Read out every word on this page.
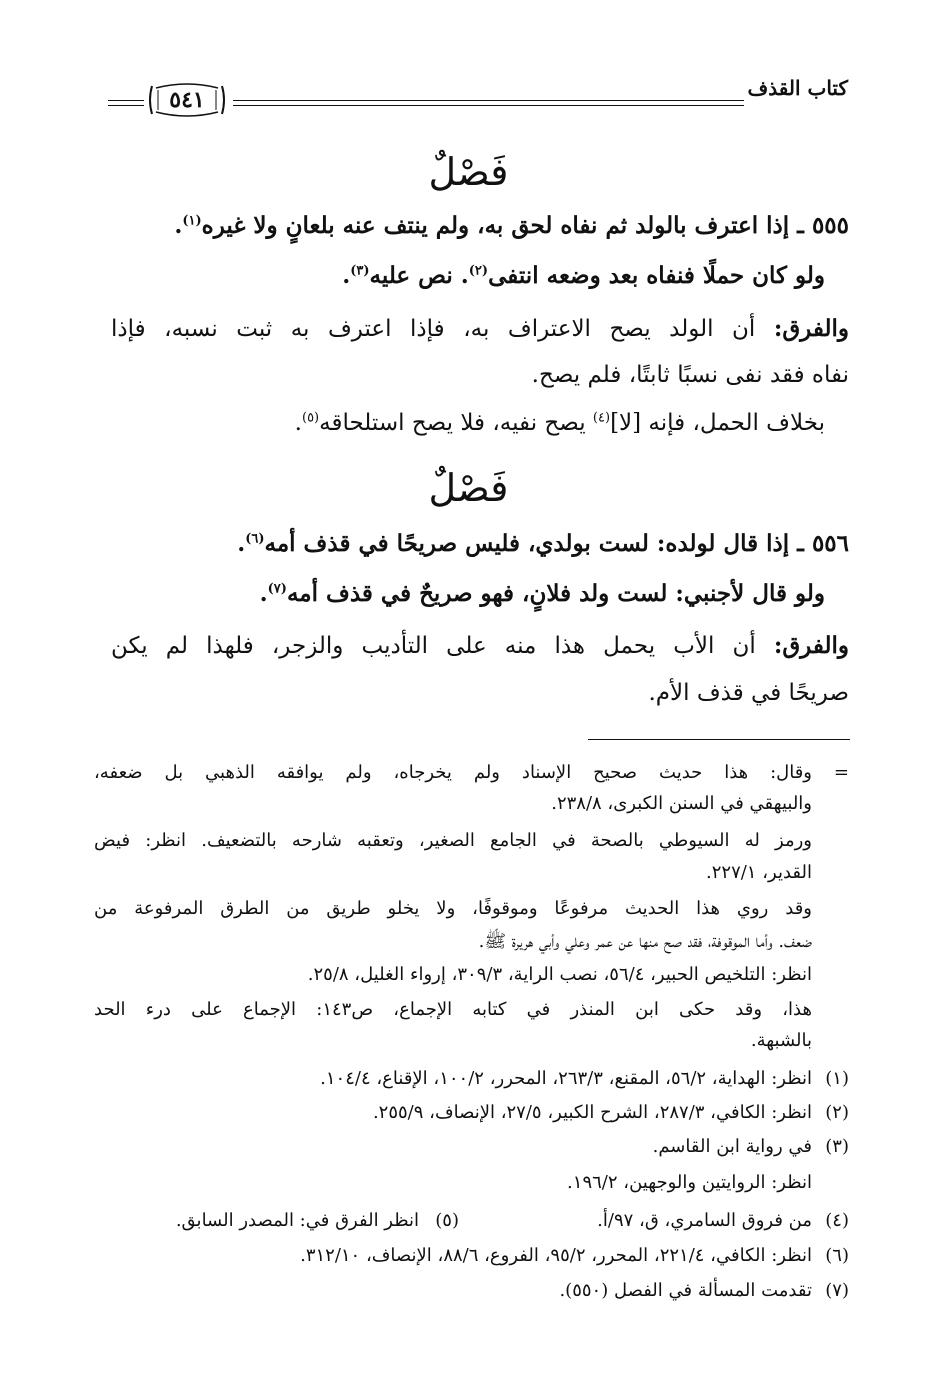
كتاب القذف
٥٤١
فَصْلٌ
٥٥٥ ـ إذا اعترف بالولد ثم نفاه لحق به، ولم ينتف عنه بلعانٍ ولا غيره$^{(١)}$.
ولو كان حملًا فنفاه بعد وضعه انتفى$^{(٢)}$. نص عليه$^{(٣)}$.
والفرق: أن الولد يصح الاعتراف به، فإذا اعترف به ثبت نسبه، فإذا
نفاه فقد نفى نسبًا ثابتًا، فلم يصح.
بخلاف الحمل، فإنه [لا]$^{(٤)}$ يصح نفيه، فلا يصح استلحاقه$^{(٥)}$.
فَصْلٌ
٥٥٦ ـ إذا قال لولده: لست بولدي، فليس صريحًا في قذف أمه$^{(٦)}$.
ولو قال لأجنبي: لست ولد فلانٍ، فهو صريحٌ في قذف أمه$^{(٧)}$.
والفرق: أن الأب يحمل هذا منه على التأديب والزجر، فلهذا لم يكن
صريحًا في قذف الأم.
=
وقال: هذا حديث صحيح الإسناد ولم يخرجاه، ولم يوافقه الذهبي بل ضعفه،
والبيهقي في السنن الكبرى، ٢٣٨/٨.
ورمز له السيوطي بالصحة في الجامع الصغير، وتعقبه شارحه بالتضعيف. انظر: فيض
القدير، ٢٢٧/١.
وقد روي هذا الحديث مرفوعًا وموقوفًا، ولا يخلو طريق من الطرق المرفوعة من
ضعف. وأما الموقوفة، فقد صح منها عن عمر وعلي وأبي هريرة ﷺ.
انظر: التلخيص الحبير، ٥٦/٤، نصب الراية، ٣٠٩/٣، إرواء الغليل، ٢٥/٨.
هذا، وقد حكى ابن المنذر في كتابه الإجماع، ص١٤٣: الإجماع على درء الحد
بالشبهة.
(١)
انظر: الهداية، ٥٦/٢، المقنع، ٢٦٣/٣، المحرر، ١٠٠/٢، الإقناع، ١٠٤/٤.
(٢)
انظر: الكافي، ٢٨٧/٣، الشرح الكبير، ٢٧/٥، الإنصاف، ٢٥٥/٩.
(٣)
في رواية ابن القاسم.
انظر: الروايتين والوجهين، ١٩٦/٢.
(٤)
من فروق السامري، ق، ٩٧/أ.
(٥)
انظر الفرق في: المصدر السابق.
(٦)
انظر: الكافي، ٢٢١/٤، المحرر، ٩٥/٢، الفروع، ٨٨/٦، الإنصاف، ٣١٢/١٠.
(٧)
تقدمت المسألة في الفصل (٥٥٠).
